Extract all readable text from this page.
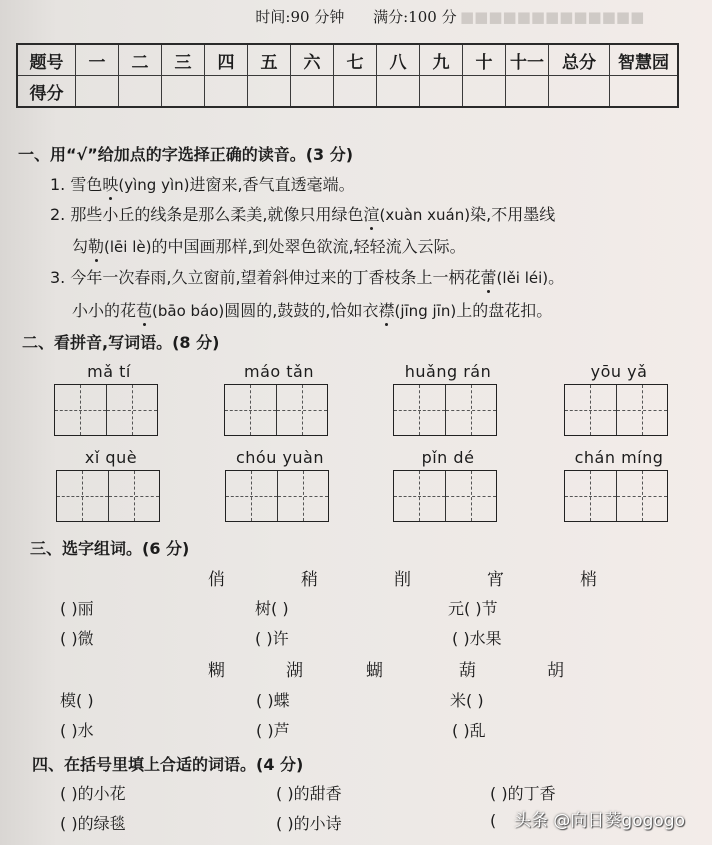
■■■■■■■■■■■■■
时间:90 分钟 满分:100 分
题号	一	二	三	四	五	六	七	八	九	十	十一	总分	智慧园
得分													
一、用“√”给加点的字选择正确的读音。(3 分)
1. 雪色映(yìng yìn)进窗来,香气直透毫端。
2. 那些小丘的线条是那么柔美,就像只用绿色渲(xuàn xuán)染,不用墨线
勾勒(lēi lè)的中国画那样,到处翠色欲流,轻轻流入云际。
3. 今年一次春雨,久立窗前,望着斜伸过来的丁香枝条上一柄花蕾(lěi léi)。
小小的花苞(bāo báo)圆圆的,鼓鼓的,恰如衣襟(jīng jīn)上的盘花扣。
二、看拼音,写词语。(8 分)
mǎ tí	máo tǎn	huǎng rán	yōu yǎ
xǐ què	chóu yuàn	pǐn dé	chán míng
三、选字组词。(6 分)
俏	稍	削	宵	梢
( )丽	树( )	元( )节
( )微	( )许	( )水果
糊	湖	蝴	葫	胡
模( )	( )蝶	米( )
( )水	( )芦	( )乱
四、在括号里填上合适的词语。(4 分)
( )的小花	( )的甜香	( )的丁香
( )的绿毯	( )的小诗	( 头条 @向日葵gogogo
